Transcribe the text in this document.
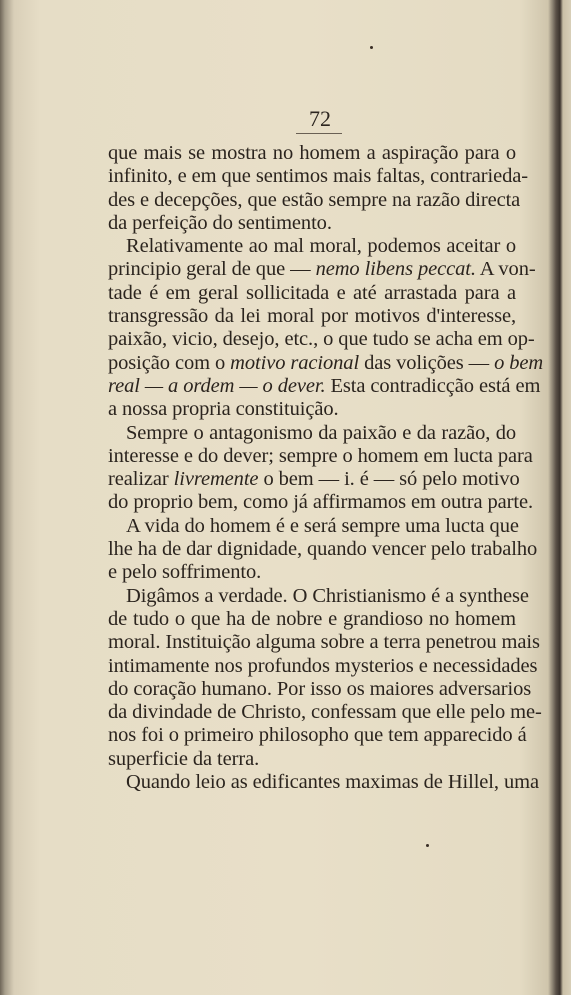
72
que mais se mostra no homem a aspiração para o
infinito, e em que sentimos mais faltas, contrarieda-
des e decepções, que estão sempre na razão directa
da perfeição do sentimento.
Relativamente ao mal moral, podemos aceitar o
principio geral de que — nemo libens peccat. A von-
tade é em geral sollicitada e até arrastada para a
transgressão da lei moral por motivos d'interesse,
paixão, vicio, desejo, etc., o que tudo se acha em op-
posição com o motivo racional das volições — o bem
real — a ordem — o dever. Esta contradicção está em
a nossa propria constituição.
Sempre o antagonismo da paixão e da razão, do
interesse e do dever; sempre o homem em lucta para
realizar livremente o bem — i. é — só pelo motivo
do proprio bem, como já affirmamos em outra parte.
A vida do homem é e será sempre uma lucta que
lhe ha de dar dignidade, quando vencer pelo trabalho
e pelo soffrimento.
Digâmos a verdade. O Christianismo é a synthese
de tudo o que ha de nobre e grandioso no homem
moral. Instituição alguma sobre a terra penetrou mais
intimamente nos profundos mysterios e necessidades
do coração humano. Por isso os maiores adversarios
da divindade de Christo, confessam que elle pelo me-
nos foi o primeiro philosopho que tem apparecido á
superficie da terra.
Quando leio as edificantes maximas de Hillel, uma
